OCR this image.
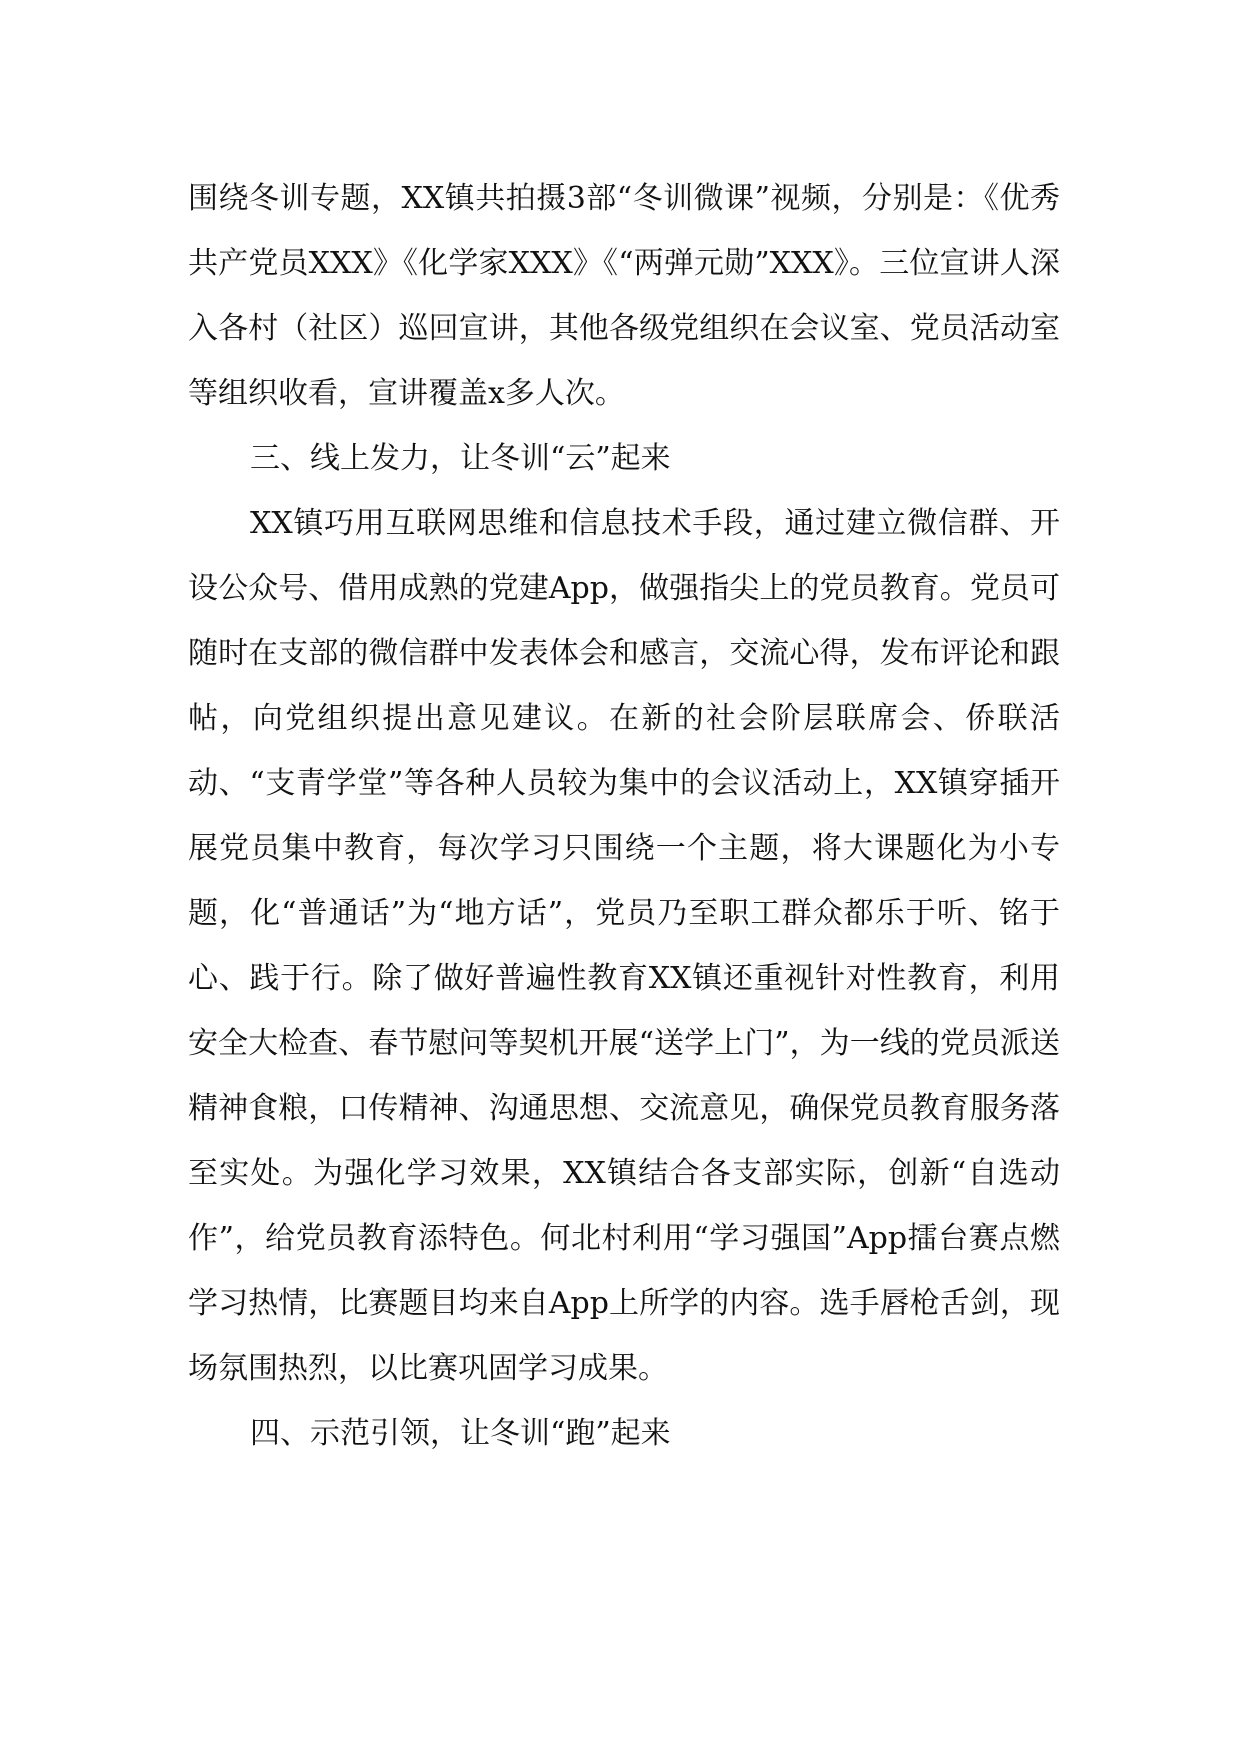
围绕冬训专题，XX镇共拍摄3部“冬训微课”视频，分别是：《优秀共产党员XXX》《化学家XXX》《“两弹元勋”XXX》。三位宣讲人深入各村（社区）巡回宣讲，其他各级党组织在会议室、党员活动室等组织收看，宣讲覆盖x多人次。

三、线上发力，让冬训“云”起来

XX镇巧用互联网思维和信息技术手段，通过建立微信群、开设公众号、借用成熟的党建App，做强指尖上的党员教育。党员可随时在支部的微信群中发表体会和感言，交流心得，发布评论和跟帖，向党组织提出意见建议。在新的社会阶层联席会、侨联活动、“支青学堂”等各种人员较为集中的会议活动上，XX镇穿插开展党员集中教育，每次学习只围绕一个主题，将大课题化为小专题，化“普通话”为“地方话”，党员乃至职工群众都乐于听、铭于心、践于行。除了做好普遍性教育XX镇还重视针对性教育，利用安全大检查、春节慰问等契机开展“送学上门”，为一线的党员派送精神食粮，口传精神、沟通思想、交流意见，确保党员教育服务落至实处。为强化学习效果，XX镇结合各支部实际，创新“自选动作”，给党员教育添特色。何北村利用“学习强国”App擂台赛点燃学习热情，比赛题目均来自App上所学的内容。选手唇枪舌剑，现场氛围热烈，以比赛巩固学习成果。

四、示范引领，让冬训“跑”起来
